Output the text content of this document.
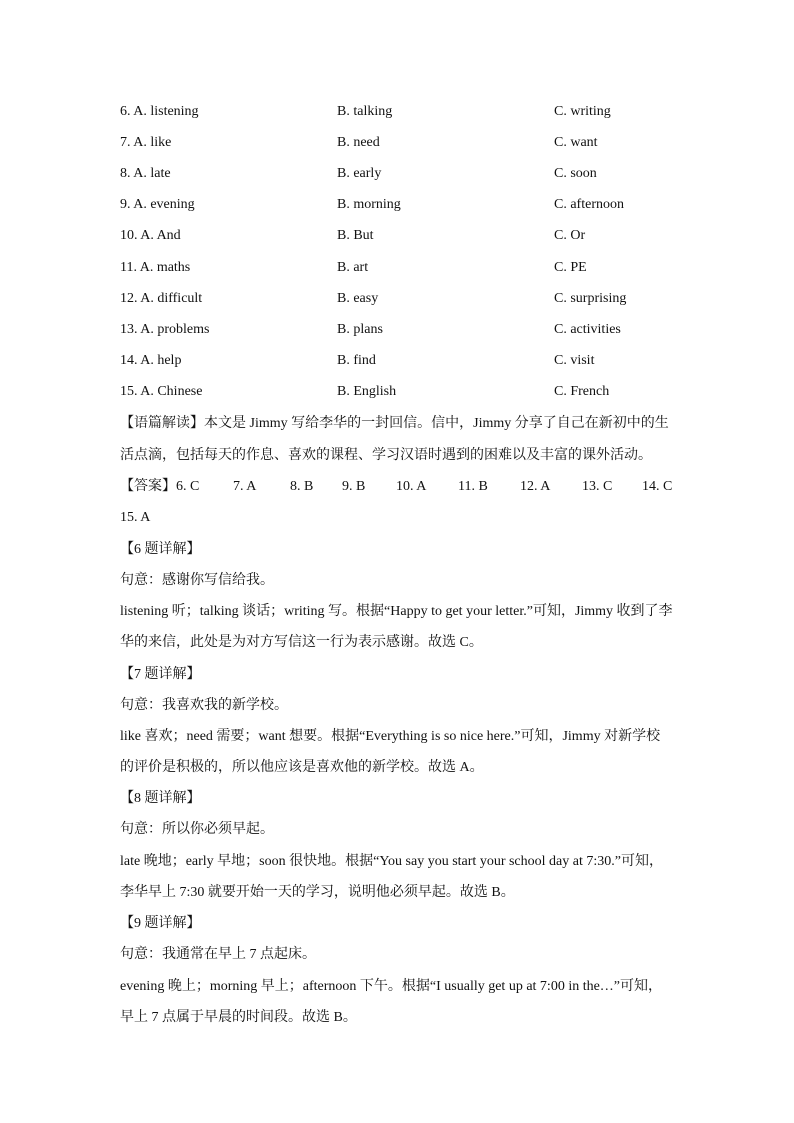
6. A. listening	B. talking	C. writing
7. A. like	B. need	C. want
8. A. late	B. early	C. soon
9. A. evening	B. morning	C. afternoon
10. A. And	B. But	C. Or
11. A. maths	B. art	C. PE
12. A. difficult	B. easy	C. surprising
13. A. problems	B. plans	C. activities
14. A. help	B. find	C. visit
15. A. Chinese	B. English	C. French
【语篇解读】本文是 Jimmy 写给李华的一封回信。信中，Jimmy 分享了自己在新初中的生
活点滴，包括每天的作息、喜欢的课程、学习汉语时遇到的困难以及丰富的课外活动。
【答案】6. C 7. A 8. B 9. B 10. A 11. B 12. A 13. C 14. C
15. A
【6 题详解】
句意：感谢你写信给我。
listening 听；talking 谈话；writing 写。根据“Happy to get your letter.”可知，Jimmy 收到了李
华的来信，此处是为对方写信这一行为表示感谢。故选 C。
【7 题详解】
句意：我喜欢我的新学校。
like 喜欢；need 需要；want 想要。根据“Everything is so nice here.”可知，Jimmy 对新学校
的评价是积极的，所以他应该是喜欢他的新学校。故选 A。
【8 题详解】
句意：所以你必须早起。
late 晚地；early 早地；soon 很快地。根据“You say you start your school day at 7:30.”可知，
李华早上 7:30 就要开始一天的学习，说明他必须早起。故选 B。
【9 题详解】
句意：我通常在早上 7 点起床。
evening 晚上；morning 早上；afternoon 下午。根据“I usually get up at 7:00 in the…”可知，
早上 7 点属于早晨的时间段。故选 B。
